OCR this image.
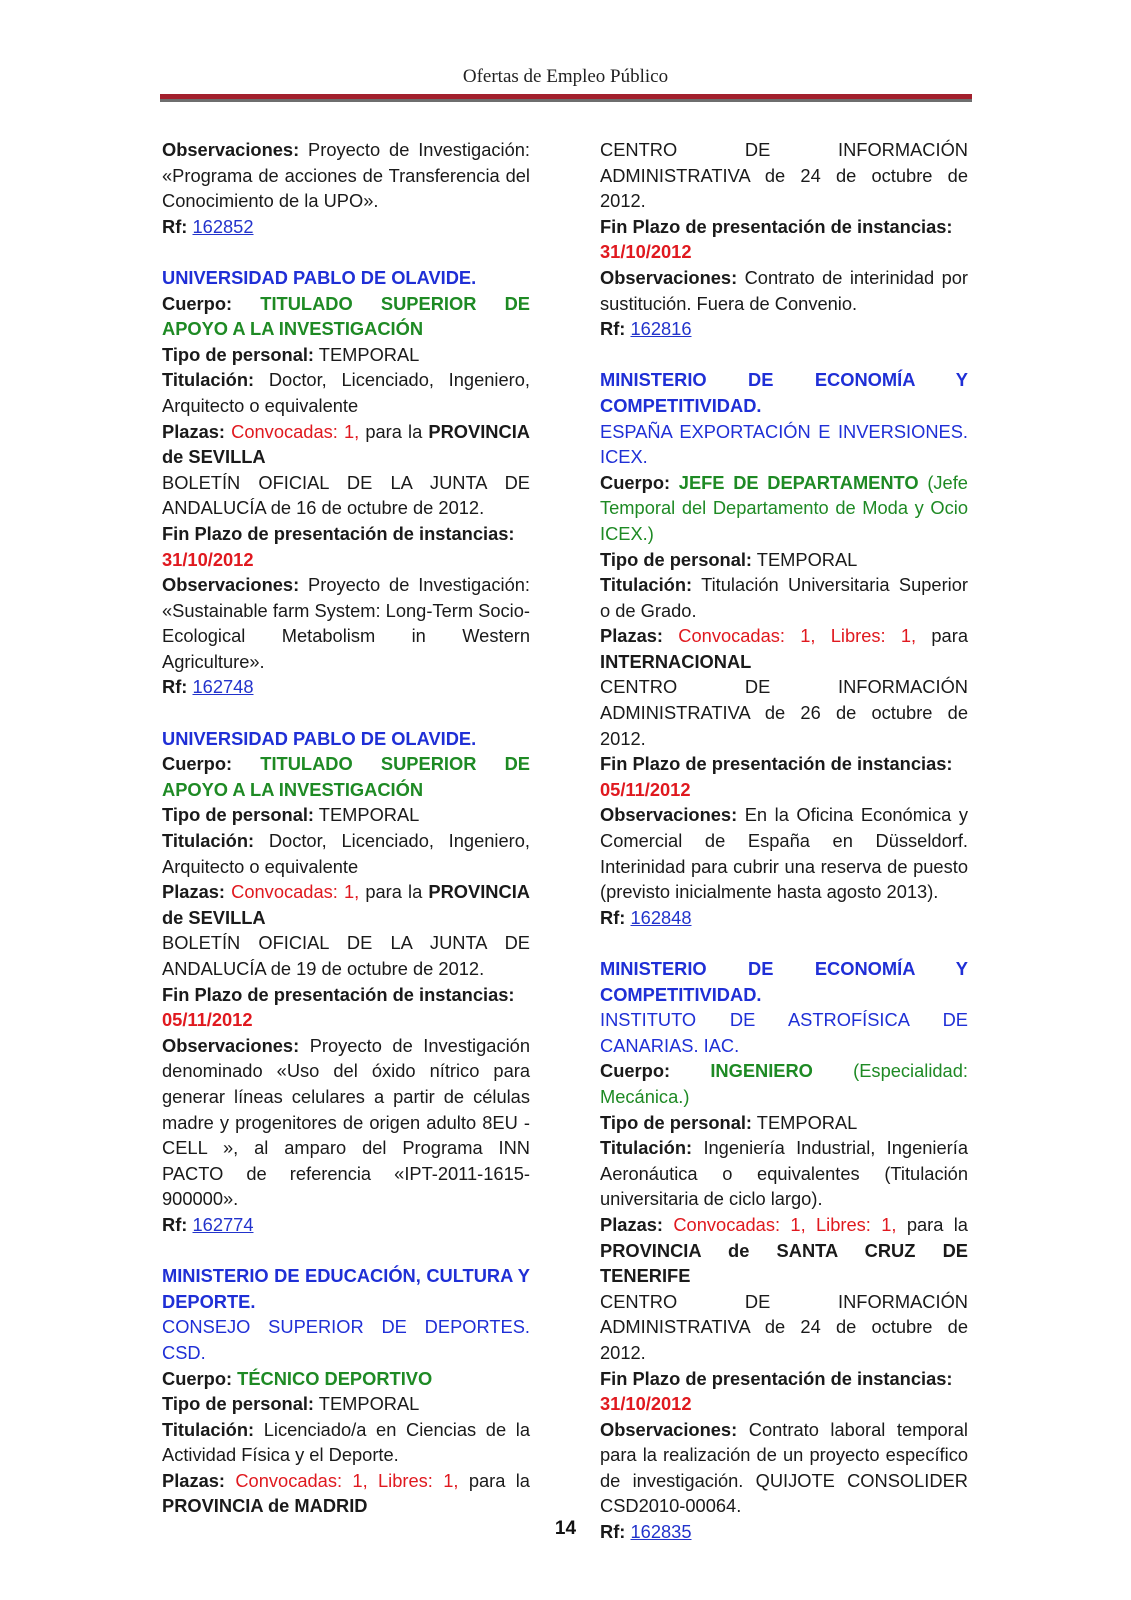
Ofertas de Empleo Público

Observaciones: Proyecto de Investigación: «Programa de acciones de Transferencia del Conocimiento de la UPO».

Rf: 162852

UNIVERSIDAD PABLO DE OLAVIDE.

Cuerpo: TITULADO SUPERIOR DE APOYO A LA INVESTIGACIÓN

Tipo de personal: TEMPORAL

Titulación: Doctor, Licenciado, Ingeniero, Arquitecto o equivalente

Plazas: Convocadas: 1, para la PROVINCIA de SEVILLA

BOLETÍN OFICIAL DE LA JUNTA DE ANDALUCÍA de 16 de octubre de 2012.

Fin Plazo de presentación de instancias:

31/10/2012

Observaciones: Proyecto de Investigación: «Sustainable farm System: Long-Term Socio-Ecological Metabolism in Western Agriculture».

Rf: 162748

UNIVERSIDAD PABLO DE OLAVIDE.

Cuerpo: TITULADO SUPERIOR DE APOYO A LA INVESTIGACIÓN

Tipo de personal: TEMPORAL

Titulación: Doctor, Licenciado, Ingeniero, Arquitecto o equivalente

Plazas: Convocadas: 1, para la PROVINCIA de SEVILLA

BOLETÍN OFICIAL DE LA JUNTA DE ANDALUCÍA de 19 de octubre de 2012.

Fin Plazo de presentación de instancias:

05/11/2012

Observaciones: Proyecto de Investigación denominado «Uso del óxido nítrico para generar líneas celulares a partir de células madre y progenitores de origen adulto 8EU -CELL », al amparo del Programa INN PACTO de referencia «IPT-2011-1615-900000».

Rf: 162774

MINISTERIO DE EDUCACIÓN, CULTURA Y DEPORTE.

CONSEJO SUPERIOR DE DEPORTES. CSD.

Cuerpo: TÉCNICO DEPORTIVO

Tipo de personal: TEMPORAL

Titulación: Licenciado/a en Ciencias de la Actividad Física y el Deporte.

Plazas: Convocadas: 1, Libres: 1, para la PROVINCIA de MADRID

CENTRO DE INFORMACIÓN ADMINISTRATIVA de 24 de octubre de 2012.

Fin Plazo de presentación de instancias:

31/10/2012

Observaciones: Contrato de interinidad por sustitución. Fuera de Convenio.

Rf: 162816

MINISTERIO DE ECONOMÍA Y COMPETITIVIDAD.

ESPAÑA EXPORTACIÓN E INVERSIONES. ICEX.

Cuerpo: JEFE DE DEPARTAMENTO (Jefe Temporal del Departamento de Moda y Ocio ICEX.)

Tipo de personal: TEMPORAL

Titulación: Titulación Universitaria Superior o de Grado.

Plazas: Convocadas: 1, Libres: 1, para INTERNACIONAL

CENTRO DE INFORMACIÓN ADMINISTRATIVA de 26 de octubre de 2012.

Fin Plazo de presentación de instancias:

05/11/2012

Observaciones: En la Oficina Económica y Comercial de España en Düsseldorf. Interinidad para cubrir una reserva de puesto (previsto inicialmente hasta agosto 2013).

Rf: 162848

MINISTERIO DE ECONOMÍA Y COMPETITIVIDAD.

INSTITUTO DE ASTROFÍSICA DE CANARIAS. IAC.

Cuerpo: INGENIERO (Especialidad: Mecánica.)

Tipo de personal: TEMPORAL

Titulación: Ingeniería Industrial, Ingeniería Aeronáutica o equivalentes (Titulación universitaria de ciclo largo).

Plazas: Convocadas: 1, Libres: 1, para la PROVINCIA de SANTA CRUZ DE TENERIFE

CENTRO DE INFORMACIÓN ADMINISTRATIVA de 24 de octubre de 2012.

Fin Plazo de presentación de instancias:

31/10/2012

Observaciones: Contrato laboral temporal para la realización de un proyecto específico de investigación. QUIJOTE CONSOLIDER CSD2010-00064.

Rf: 162835

14
